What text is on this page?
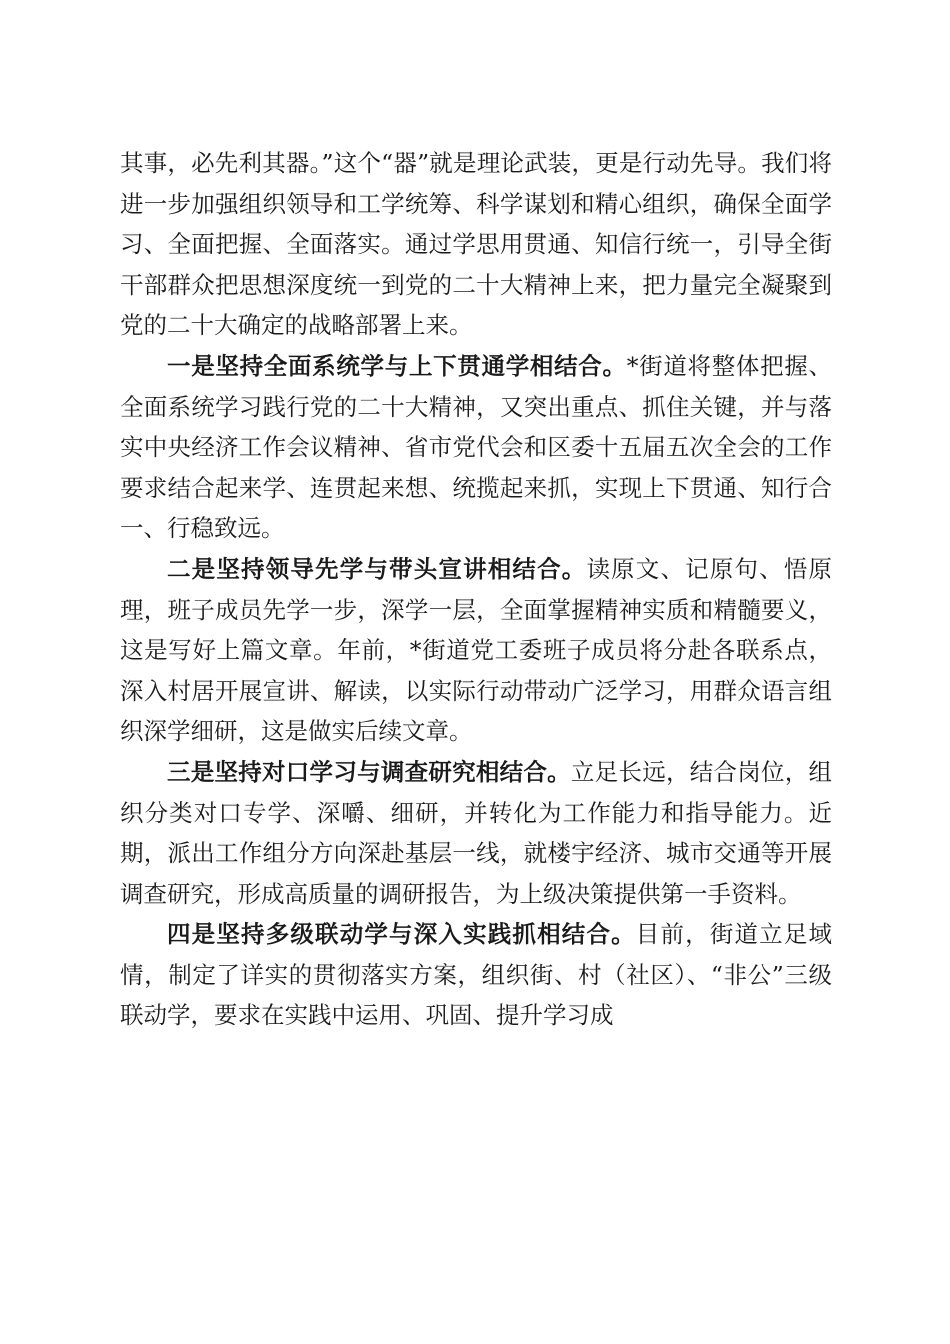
其事，必先利其器。”这个“器”就是理论武装，更是行动先导。我们将进一步加强组织领导和工学统筹、科学谋划和精心组织，确保全面学习、全面把握、全面落实。通过学思用贯通、知信行统一，引导全街干部群众把思想深度统一到党的二十大精神上来，把力量完全凝聚到党的二十大确定的战略部署上来。

一是坚持全面系统学与上下贯通学相结合。*街道将整体把握、全面系统学习践行党的二十大精神，又突出重点、抓住关键，并与落实中央经济工作会议精神、省市党代会和区委十五届五次全会的工作要求结合起来学、连贯起来想、统揽起来抓，实现上下贯通、知行合一、行稳致远。

二是坚持领导先学与带头宣讲相结合。读原文、记原句、悟原理，班子成员先学一步，深学一层，全面掌握精神实质和精髓要义，这是写好上篇文章。年前，*街道党工委班子成员将分赴各联系点，深入村居开展宣讲、解读，以实际行动带动广泛学习，用群众语言组织深学细研，这是做实后续文章。

三是坚持对口学习与调查研究相结合。立足长远，结合岗位，组织分类对口专学、深嚼、细研，并转化为工作能力和指导能力。近期，派出工作组分方向深赴基层一线，就楼宇经济、城市交通等开展调查研究，形成高质量的调研报告，为上级决策提供第一手资料。

四是坚持多级联动学与深入实践抓相结合。目前，街道立足域情，制定了详实的贯彻落实方案，组织街、村（社区）、“非公”三级联动学，要求在实践中运用、巩固、提升学习成
